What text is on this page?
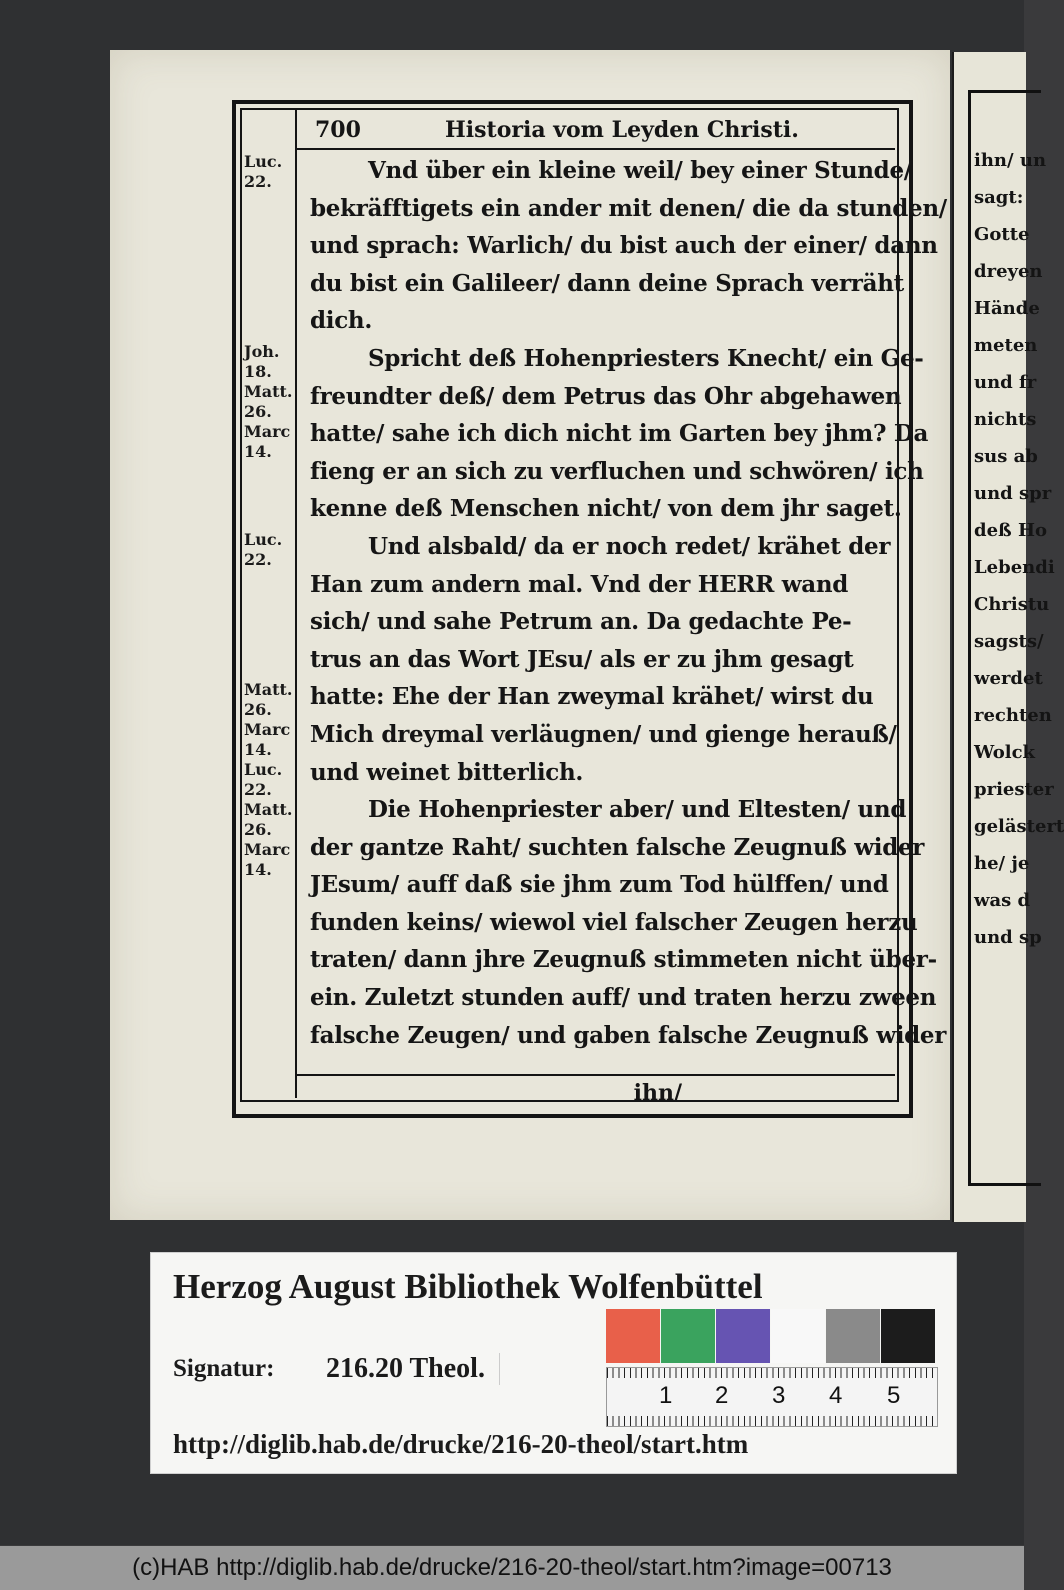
ihn/ un
sagt:
Gotte
dreyen
Hände
meten
und fr
nichts
sus ab
und spr
deß Ho
Lebendi
Christu
sagsts/
werdet
rechten
Wolck
priester
gelästert
he/ je
was d
und sp
700	Historia vom Leyden Christi.
Luc.
22.
Joh.
18.
Matt.
26.
Marc
14.
Luc.
22.
Matt.
26.
Marc
14.
Luc.
22.
Matt.
26.
Marc
14.

Vnd über ein kleine weil/ bey einer Stunde/
bekräfftigets ein ander mit denen/ die da stunden/
und sprach: Warlich/ du bist auch der einer/ dann
du bist ein Galileer/ dann deine Sprach verräht
dich.

Spricht deß Hohenpriesters Knecht/ ein Ge-
freundter deß/ dem Petrus das Ohr abgehawen
hatte/ sahe ich dich nicht im Garten bey jhm? Da
fieng er an sich zu verfluchen und schwören/ ich
kenne deß Menschen nicht/ von dem jhr saget.

Und alsbald/ da er noch redet/ krähet der
Han zum andern mal. Vnd der HERR wand
sich/ und sahe Petrum an. Da gedachte Pe-
trus an das Wort JEsu/ als er zu jhm gesagt
hatte: Ehe der Han zweymal krähet/ wirst du
Mich dreymal verläugnen/ und gienge herauß/
und weinet bitterlich.

Die Hohenpriester aber/ und Eltesten/ und
der gantze Raht/ suchten falsche Zeugnuß wider
JEsum/ auff daß sie jhm zum Tod hülffen/ und
funden keins/ wiewol viel falscher Zeugen herzu
traten/ dann jhre Zeugnuß stimmeten nicht über-
ein. Zuletzt stunden auff/ und traten herzu zween
falsche Zeugen/ und gaben falsche Zeugnuß wider

ihn/
Herzog August Bibliothek Wolfenbüttel
Signatur: 216.20 Theol.
http://diglib.hab.de/drucke/216-20-theol/start.htm
1 2 3 4 5
(c)HAB http://diglib.hab.de/drucke/216-20-theol/start.htm?image=00713
